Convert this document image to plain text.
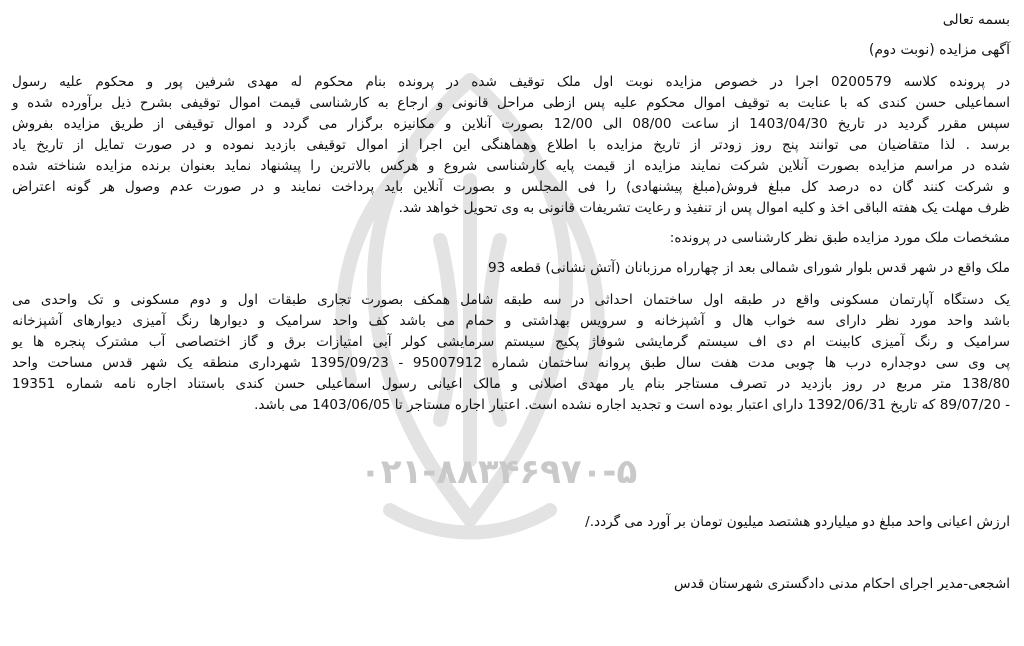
۰۲۱-۸۸۳۴۶۹۷۰-۵
بسمه تعالی
آگهی مزایده (نوبت دوم)
در پرونده کلاسه 0200579 اجرا در خصوص مزایده نوبت اول ملک توقیف شده در پرونده بنام محکوم له مهدی شرفین پور و محکوم علیه رسول
اسماعیلی حسن کندی که با عنایت به توقیف اموال محکوم علیه پس ازطی مراحل قانونی و ارجاع به کارشناسی قیمت اموال توقیفی بشرح ذیل برآورده شده و
سپس مقرر گردید در تاریخ 1403/04/30 از ساعت 08/00 الی 12/00 بصورت آنلاین و مکانیزه برگزار می گردد و اموال توقیفی از طریق مزایده بفروش
برسد . لذا متقاضیان می توانند پنج روز زودتر از تاریخ مزایده با اطلاع وهماهنگی این اجرا از اموال توقیفی بازدید نموده و در صورت تمایل از تاریخ یاد
شده در مراسم مزایده بصورت آنلاین شرکت نمایند مزایده از قیمت پایه کارشناسی شروع و هرکس بالاترین را پیشنهاد نماید بعنوان برنده مزایده شناخته شده
و شرکت کنند گان ده درصد کل مبلغ فروش(مبلغ پیشنهادی) را فی المجلس و بصورت آنلاین باید پرداخت نمایند و در صورت عدم وصول هر گونه اعتراض
ظرف مهلت یک هفته الباقی اخذ و کلیه اموال پس از تنفیذ و رعایت تشریفات قانونی به وی تحویل خواهد شد.
مشخصات ملک مورد مزایده طبق نظر کارشناسی در پرونده:
ملک واقع در شهر قدس بلوار شورای شمالی بعد از چهارراه مرزبانان (آتش نشانی) قطعه 93
یک دستگاه آپارتمان مسکونی واقع در طبقه اول ساختمان احداثی در سه طبقه شامل همکف بصورت تجاری طبقات اول و دوم مسکونی و تک واحدی می
باشد واحد مورد نظر دارای سه خواب هال و آشپزخانه و سرویس بهداشتی و حمام می باشد کف واحد سرامیک و دیوارها رنگ آمیزی دیوارهای آشپزخانه
سرامیک و رنگ آمیزی کابینت ام دی اف سیستم گرمایشی شوفاژ پکیج سیستم سرمایشی کولر آبی امتیازات برق و گاز اختصاصی آب مشترک پنجره ها یو
پی وی سی دوجداره درب ها چوبی مدت هفت سال طبق پروانه ساختمان شماره 95007912 - 1395/09/23 شهرداری منطقه یک شهر قدس مساحت واحد
138/80 متر مربع در روز بازدید در تصرف مستاجر بنام یار مهدی اصلانی و مالک اعیانی رسول اسماعیلی حسن کندی باستناد اجاره نامه شماره 19351
- 89/07/20 که تاریخ 1392/06/31 دارای اعتبار بوده است و تجدید اجاره نشده است. اعتبار اجاره مستاجر تا 1403/06/05 می باشد.
ارزش اعیانی واحد مبلغ دو میلیاردو هشتصد میلیون تومان بر آورد می گردد./
اشجعی-مدیر اجرای احکام مدنی دادگستری شهرستان قدس
